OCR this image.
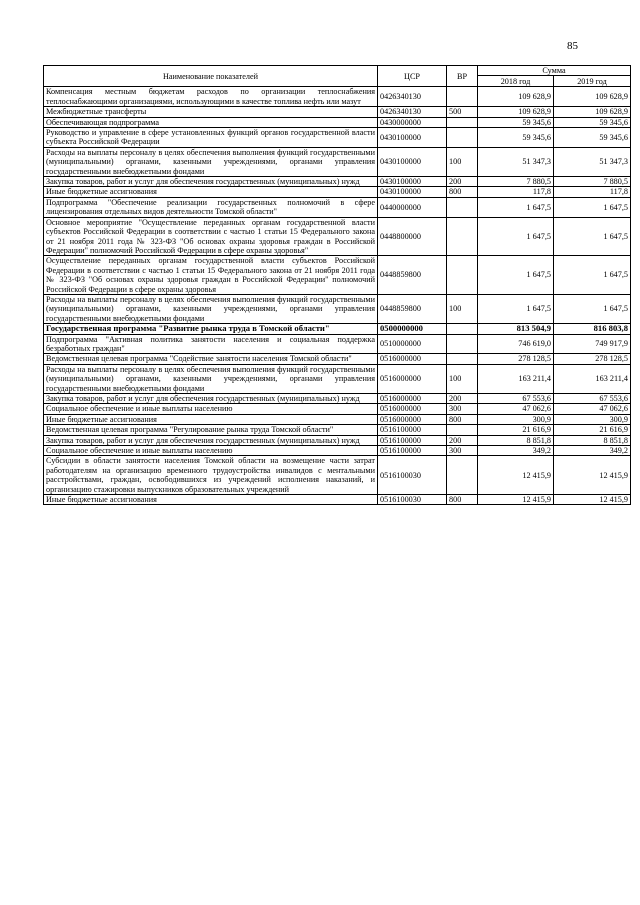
85
Наименование показателей	ЦСР	ВР	Сумма	
			2018 год	2019 год
Компенсация местным бюджетам расходов по организации теплоснабжения теплоснабжающими организациями, использующими в качестве топлива нефть или мазут	0426340130		109 628,9	109 628,9
Межбюджетные трансферты	0426340130	500	109 628,9	109 628,9
Обеспечивающая подпрограмма	0430000000		59 345,6	59 345,6
Руководство и управление в сфере установленных функций органов государственной власти субъекта Российской Федерации	0430100000		59 345,6	59 345,6
Расходы на выплаты персоналу в целях обеспечения выполнения функций государственными (муниципальными) органами, казенными учреждениями, органами управления государственными внебюджетными фондами	0430100000	100	51 347,3	51 347,3
Закупка товаров, работ и услуг для обеспечения государственных (муниципальных) нужд	0430100000	200	7 880,5	7 880,5
Иные бюджетные ассигнования	0430100000	800	117,8	117,8
Подпрограмма "Обеспечение реализации государственных полномочий в сфере лицензирования отдельных видов деятельности Томской области"	0440000000		1 647,5	1 647,5
Основное мероприятие "Осуществление переданных органам государственной власти субъектов Российской Федерации в соответствии с частью 1 статьи 15 Федерального закона от 21 ноября 2011 года № 323-ФЗ "Об основах охраны здоровья граждан в Российской Федерации" полномочий Российской Федерации в сфере охраны здоровья"	0448800000		1 647,5	1 647,5
Осуществление переданных органам государственной власти субъектов Российской Федерации в соответствии с частью 1 статьи 15 Федерального закона от 21 ноября 2011 года № 323-ФЗ "Об основах охраны здоровья граждан в Российской Федерации" полномочий Российской Федерации в сфере охраны здоровья	0448859800		1 647,5	1 647,5
Расходы на выплаты персоналу в целях обеспечения выполнения функций государственными (муниципальными) органами, казенными учреждениями, органами управления государственными внебюджетными фондами	0448859800	100	1 647,5	1 647,5
Государственная программа "Развитие рынка труда в Томской области"	0500000000		813 504,9	816 803,8
Подпрограмма "Активная политика занятости населения и социальная поддержка безработных граждан"	0510000000		746 619,0	749 917,9
Ведомственная целевая программа "Содействие занятости населения Томской области"	0516000000		278 128,5	278 128,5
Расходы на выплаты персоналу в целях обеспечения выполнения функций государственными (муниципальными) органами, казенными учреждениями, органами управления государственными внебюджетными фондами	0516000000	100	163 211,4	163 211,4
Закупка товаров, работ и услуг для обеспечения государственных (муниципальных) нужд	0516000000	200	67 553,6	67 553,6
Социальное обеспечение и иные выплаты населению	0516000000	300	47 062,6	47 062,6
Иные бюджетные ассигнования	0516000000	800	300,9	300,9
Ведомственная целевая программа "Регулирование рынка труда Томской области"	0516100000		21 616,9	21 616,9
Закупка товаров, работ и услуг для обеспечения государственных (муниципальных) нужд	0516100000	200	8 851,8	8 851,8
Социальное обеспечение и иные выплаты населению	0516100000	300	349,2	349,2
Субсидии в области занятости населения Томской области на возмещение части затрат работодателям на организацию временного трудоустройства инвалидов с ментальными расстройствами, граждан, освободившихся из учреждений исполнения наказаний, и организацию стажировки выпускников образовательных учреждений	0516100030		12 415,9	12 415,9
Иные бюджетные ассигнования	0516100030	800	12 415,9	12 415,9
